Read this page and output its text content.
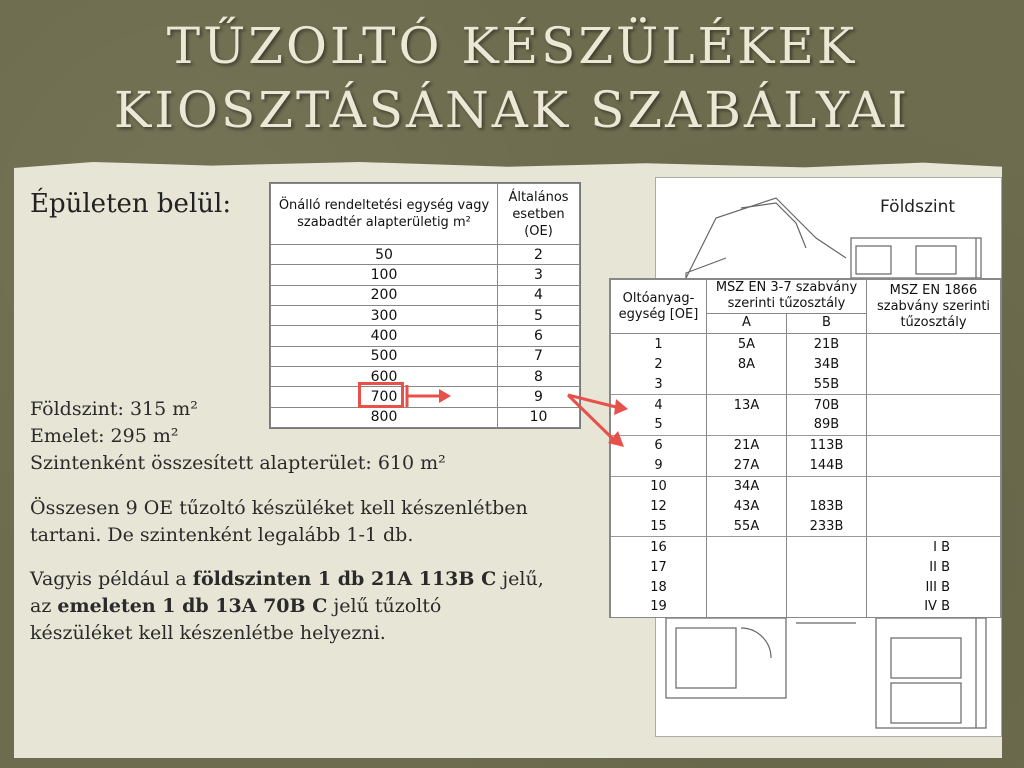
TŰZOLTÓ KÉSZÜLÉKEK
KIOSZTÁSÁNAK SZABÁLYAI
Épületen belül:	Önálló rendeltetési egység vagy szabadtér alapterületig m²	Általános esetben (OE)
50	2
100	3
200	4
300	5
400	6
500	7
600	8
700	9
800	10
Földszint
Oltóanyag-egység [OE]	MSZ EN 3-7 szabvány szerinti tűzosztály		MSZ EN 1866 szabvány szerinti tűzosztály
	A	B	
1	5A	21B	
2	8A	34B	
3		55B	
4	13A	70B	
5		89B	
6	21A	113B	
9	27A	144B	
10	34A		
12	43A	183B	
15	55A	233B	
16			I B
17			II B
18			III B
19			IV B
Földszint: 315 m²
Emelet: 295 m²
Szintenként összesített alapterület: 610 m²
Összesen 9 OE tűzoltó készüléket kell készenlétben
tartani. De szintenként legalább 1-1 db.
Vagyis például a földszinten 1 db 21A 113B C jelű,
az emeleten 1 db 13A 70B C jelű tűzoltó
készüléket kell készenlétbe helyezni.
